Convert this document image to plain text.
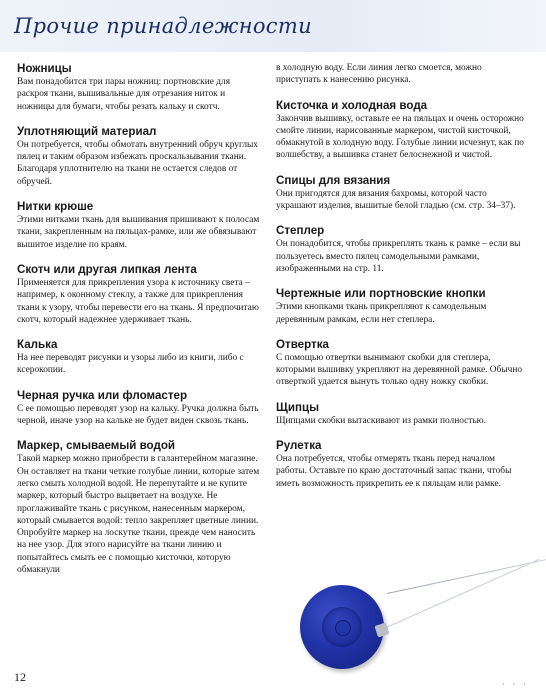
Прочие принадлежности
Ножницы

Вам понадобится три пары ножниц: портновские для раскроя ткани, вышивальные для отрезания ниток и ножницы для бумаги, чтобы резать кальку и скотч.

Уплотняющий материал

Он потребуется, чтобы обмотать внутренний обруч круглых пялец и таким образом избежать проскальзывания ткани. Благодаря уплотнителю на ткани не остается следов от обручей.

Нитки крюше

Этими нитками ткань для вышивания пришивают к полосам ткани, закрепленным на пяльцах-рамке, или же обвязывают вышитое изделие по краям.

Скотч или другая липкая лента

Применяется для прикрепления узора к источнику света – например, к оконному стеклу, а также для прикрепления ткани к узору, чтобы перевести его на ткань. Я предпочитаю скотч, который надежнее удерживает ткань.

Калька

На нее переводят рисунки и узоры либо из книги, либо с ксерокопии.

Черная ручка или фломастер

С ее помощью переводят узор на кальку. Ручка должна быть черной, иначе узор на кальке не будет виден сквозь ткань.

Маркер, смываемый водой

Такой маркер можно приобрести в галантерейном магазине. Он оставляет на ткани четкие голубые линии, которые затем легко смыть холодной водой. Не перепутайте и не купите маркер, который быстро выцветает на воздухе. Не проглаживайте ткань с рисунком, нанесенным маркером, который смывается водой: тепло закрепляет цветные линии. Опробуйте маркер на лоскутке ткани, прежде чем наносить на нее узор. Для этого нарисуйте на ткани линию и попытайтесь смыть ее с помощью кисточки, которую обмакнули

в холодную воду. Если линия легко смоется, можно приступать к нанесению рисунка.

Кисточка и холодная вода

Закончив вышивку, оставьте ее на пяльцах и очень осторожно смойте линии, нарисованные маркером, чистой кисточкой, обмакнутой в холодную воду. Голубые линии исчезнут, как по волшебству, а вышивка станет белоснежной и чистой.

Спицы для вязания

Они пригодятся для вязания бахромы, которой часто украшают изделия, вышитые белой гладью (см. стр. 34–37).

Степлер

Он понадобится, чтобы прикреплять ткань к рамке – если вы пользуетесь вместо пялец самодельными рамками, изображенными на стр. 11.

Чертежные или портновские кнопки

Этими кнопками ткань прикрепляют к самодельным деревянным рамкам, если нет степлера.

Отвертка

С помощью отвертки вынимают скобки для степлера, которыми вышивку укрепляют на деревянной рамке. Обычно отверткой удается вынуть только одну ножку скобки.

Щипцы

Щипцами скобки вытаскивают из рамки полностью.

Рулетка

Она потребуется, чтобы отмерять ткань перед началом работы. Оставьте по краю достаточный запас ткани, чтобы иметь возможность прикрепить ее к пяльцам или рамке.

12
· · ·
